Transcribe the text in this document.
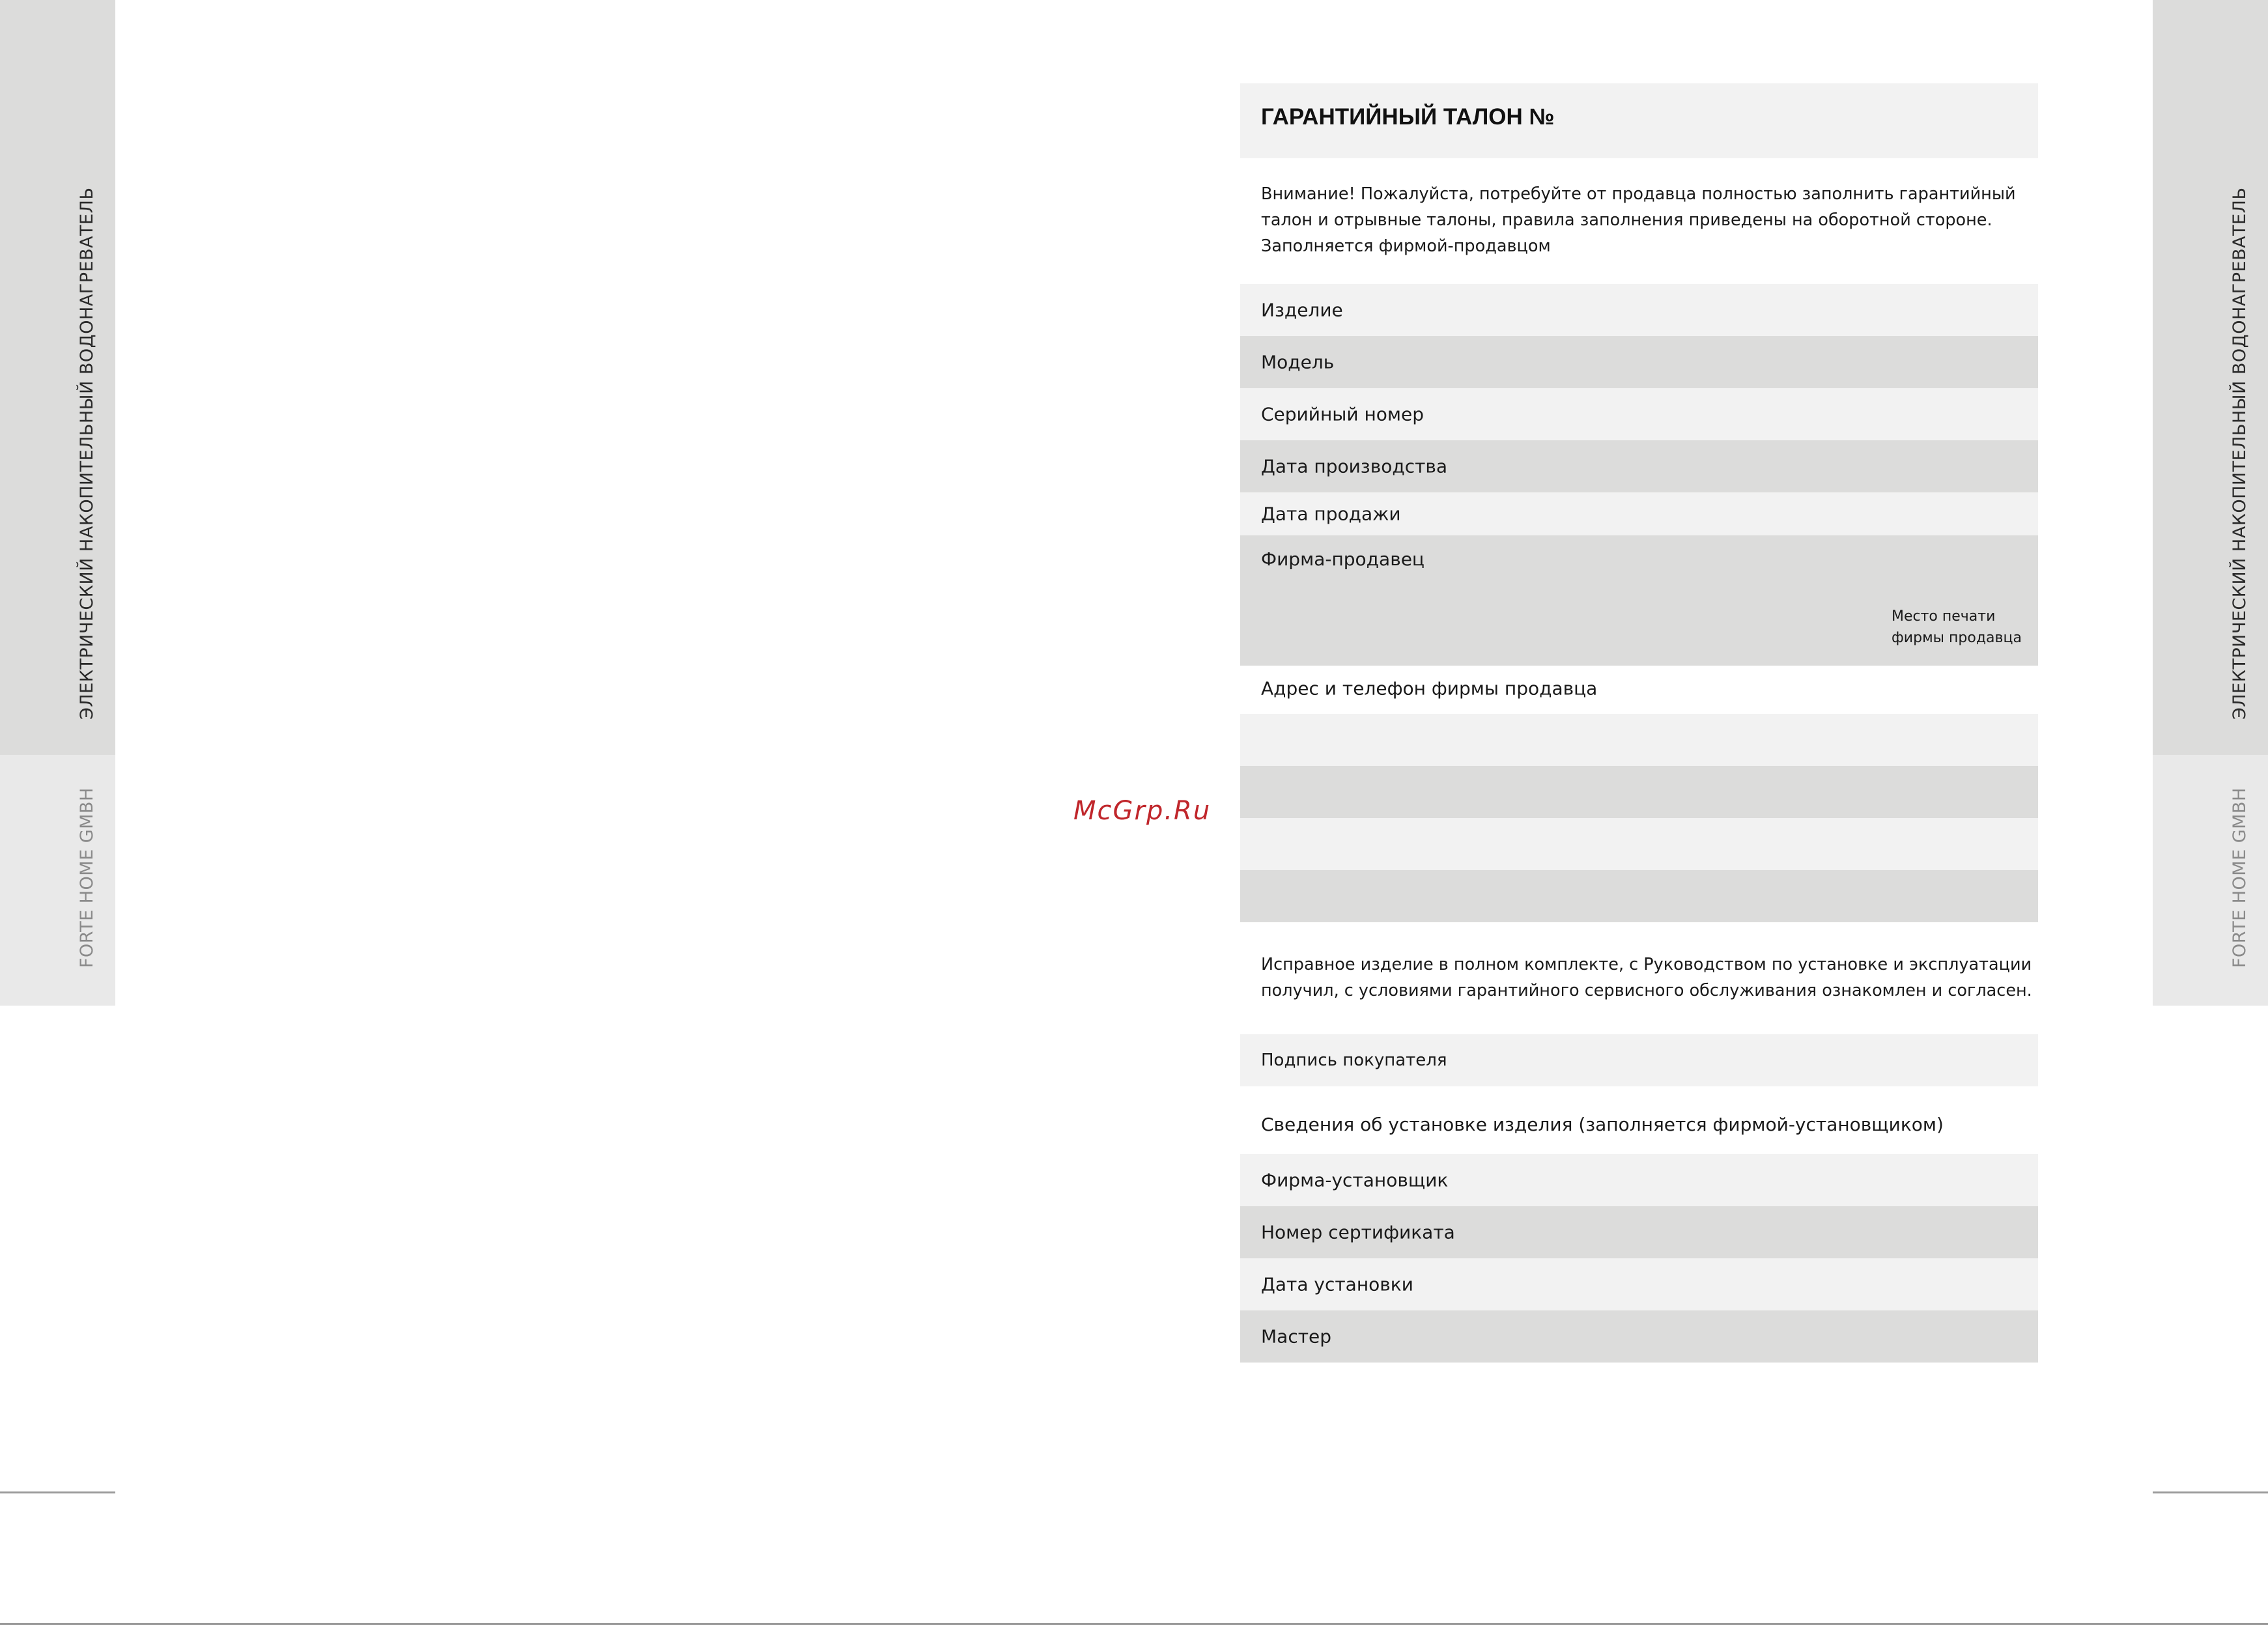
ЭЛЕКТРИЧЕСКИЙ НАКОПИТЕЛЬНЫЙ ВОДОНАГРЕВАТЕЛЬ
FORTE HOME GMBH
ЭЛЕКТРИЧЕСКИЙ НАКОПИТЕЛЬНЫЙ ВОДОНАГРЕВАТЕЛЬ
FORTE HOME GMBH
McGrp.Ru
ГАРАНТИЙНЫЙ ТАЛОН №
Внимание! Пожалуйста, потребуйте от продавца полностью заполнить гарантийный
талон и отрывные талоны, правила заполнения приведены на оборотной стороне.
Заполняется фирмой-продавцом
Изделие
Модель
Серийный номер
Дата производства
Дата продажи
Фирма-продавец
Место печати
фирмы продавца
Адрес и телефон фирмы продавца
Исправное изделие в полном комплекте, с Руководством по установке и эксплуатации
получил, с условиями гарантийного сервисного обслуживания ознакомлен и согласен.
Подпись покупателя
Сведения об установке изделия (заполняется фирмой-установщиком)
Фирма-установщик
Номер сертификата
Дата установки
Мастер
